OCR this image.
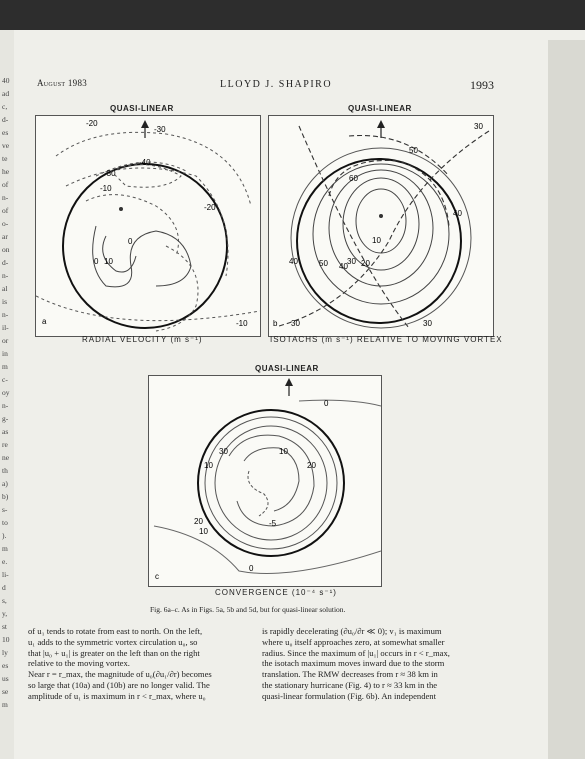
40
ad
c,
d-
es
ve
te
he
of
n-
of
o-
ar
on
d-
n-
al
is
n-
il-
or
in
m
c-
oy
n-
g-
as
re
ne
th
a)
b)
s-
to
).
m
e.
li-
d
s,
y,
st
10
ly
es
us
se
m
August 1983	LLOYD J. SHAPIRO	1993
QUASI-LINEAR
-20
-30
-40
-30
-10
-20
0
0 10
-10
a
RADIAL VELOCITY (m s⁻¹)
QUASI-LINEAR
30
50
60
40
10
40	50 40
30 20
30	30
b
ISOTACHS (m s⁻¹) RELATIVE TO MOVING VORTEX
QUASI-LINEAR
0
30
10
10
20
20
10
-5
0
c
CONVERGENCE (10⁻⁴ s⁻¹)
Fig. 6a–c. As in Figs. 5a, 5b and 5d, but for quasi-linear solution.
of u₁ tends to rotate from east to north. On the left,
u₁ adds to the symmetric vortex circulation u₀, so
that |u₀ + u₁| is greater on the left than on the right
relative to the moving vortex.
Near r = r_max, the magnitude of u₀(∂u₁/∂r) becomes
so large that (10a) and (10b) are no longer valid. The
amplitude of u₁ is maximum in r < r_max, where u₀
is rapidly decelerating (∂u₀/∂r ≪ 0); v₁ is maximum
where u₀ itself approaches zero, at somewhat smaller
radius. Since the maximum of |u₁| occurs in r < r_max,
the isotach maximum moves inward due to the storm
translation. The RMW decreases from r ≈ 38 km in
the stationary hurricane (Fig. 4) to r ≈ 33 km in the
quasi-linear formulation (Fig. 6b). An independent
